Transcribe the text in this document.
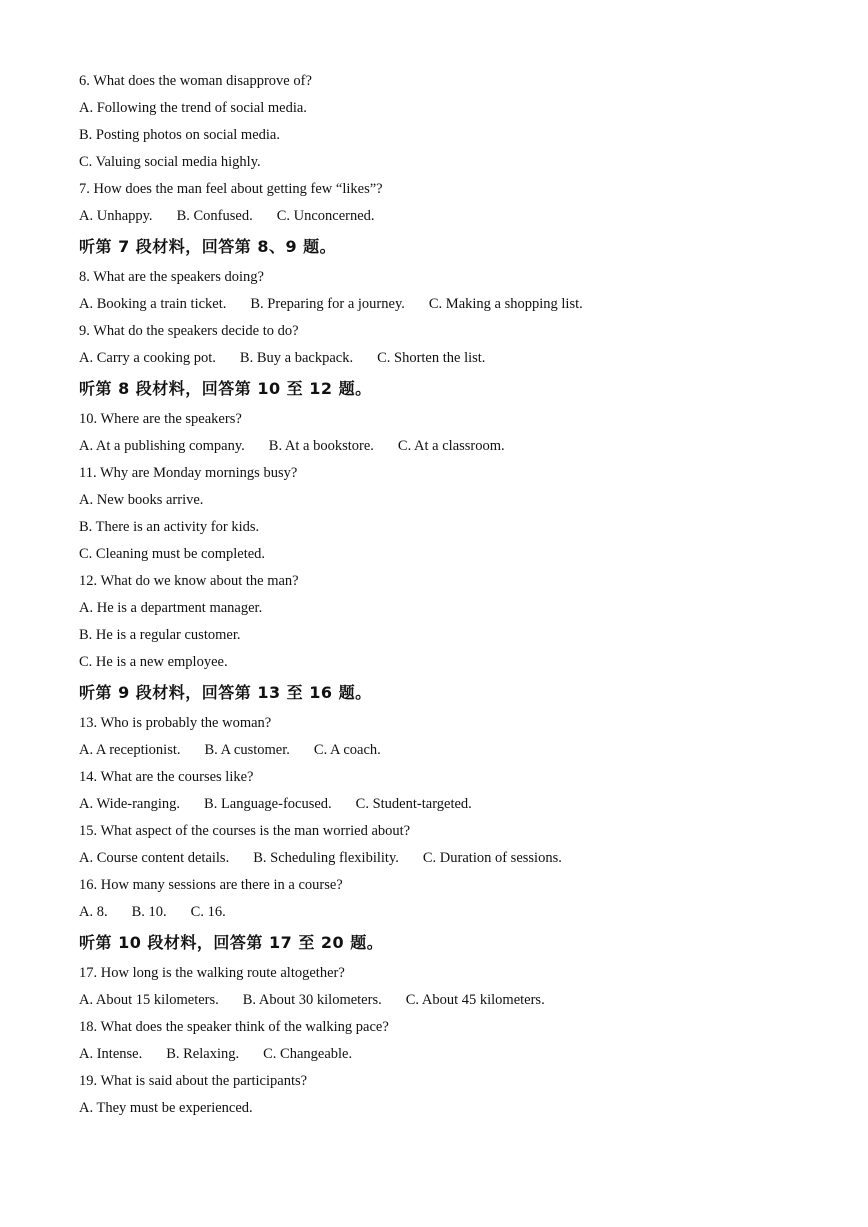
6. What does the woman disapprove of?
A. Following the trend of social media.
B. Posting photos on social media.
C. Valuing social media highly.
7. How does the man feel about getting few “likes”?
A. Unhappy. B. Confused. C. Unconcerned.
听第 7 段材料，回答第 8、9 题。
8. What are the speakers doing?
A. Booking a train ticket. B. Preparing for a journey. C. Making a shopping list.
9. What do the speakers decide to do?
A. Carry a cooking pot. B. Buy a backpack. C. Shorten the list.
听第 8 段材料，回答第 10 至 12 题。
10. Where are the speakers?
A. At a publishing company. B. At a bookstore. C. At a classroom.
11. Why are Monday mornings busy?
A. New books arrive.
B. There is an activity for kids.
C. Cleaning must be completed.
12. What do we know about the man?
A. He is a department manager.
B. He is a regular customer.
C. He is a new employee.
听第 9 段材料，回答第 13 至 16 题。
13. Who is probably the woman?
A. A receptionist. B. A customer. C. A coach.
14. What are the courses like?
A. Wide-ranging. B. Language-focused. C. Student-targeted.
15. What aspect of the courses is the man worried about?
A. Course content details. B. Scheduling flexibility. C. Duration of sessions.
16. How many sessions are there in a course?
A. 8. B. 10. C. 16.
听第 10 段材料，回答第 17 至 20 题。
17. How long is the walking route altogether?
A. About 15 kilometers. B. About 30 kilometers. C. About 45 kilometers.
18. What does the speaker think of the walking pace?
A. Intense. B. Relaxing. C. Changeable.
19. What is said about the participants?
A. They must be experienced.
